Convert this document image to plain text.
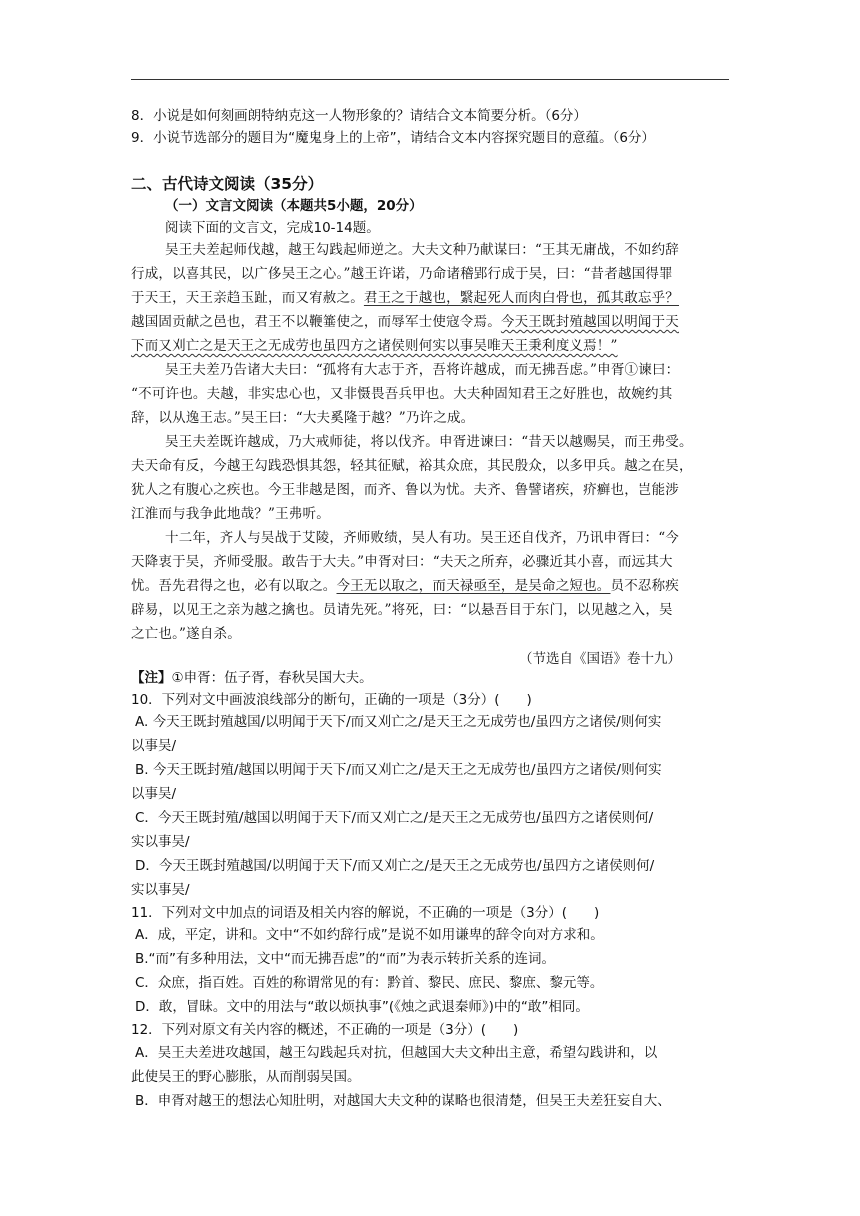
8．小说是如何刻画朗特纳克这一人物形象的？请结合文本简要分析。（6分）
9．小说节选部分的题目为“魔鬼身上的上帝”，请结合文本内容探究题目的意蕴。（6分）
二、古代诗文阅读（35分）
（一）文言文阅读（本题共5小题，20分）
阅读下面的文言文，完成10-14题。
吴王夫差起师伐越，越王勾践起师逆之。大夫文种乃献谋曰：“王其无庸战，不如约辞
行成，以喜其民，以广侈吴王之心。”越王许诺，乃命诸稽郢行成于吴，曰：“昔者越国得罪
于天王，天王亲趋玉趾，而又宥赦之。君王之于越也，繄起死人而肉白骨也，孤其敢忘乎？
越国固贡献之邑也，君王不以鞭箠使之，而辱军士使寇令焉。今天王既封殖越国以明闻于天
下而又刈亡之是天王之无成劳也虽四方之诸侯则何实以事吴唯天王秉利度义焉！”
吴王夫差乃告诸大夫曰：“孤将有大志于齐，吾将许越成，而无拂吾虑。”申胥①谏曰：
“不可许也。夫越，非实忠心也，又非慑畏吾兵甲也。大夫种固知君王之好胜也，故婉约其
辞，以从逸王志。”吴王曰：“大夫奚隆于越？”乃许之成。
吴王夫差既许越成，乃大戒师徒，将以伐齐。申胥进谏曰：“昔天以越赐吴，而王弗受。
夫天命有反，今越王勾践恐惧其怨，轻其征赋，裕其众庶，其民殷众，以多甲兵。越之在吴，
犹人之有腹心之疾也。今王非越是图，而齐、鲁以为忧。夫齐、鲁譬诸疾，疥癣也，岂能涉
江淮而与我争此地哉？”王弗听。
十二年，齐人与吴战于艾陵，齐师败绩，吴人有功。吴王还自伐齐，乃讯申胥曰：“今
天降衷于吴，齐师受服。敢告于大夫。”申胥对曰：“夫天之所弃，必骤近其小喜，而远其大
忧。吾先君得之也，必有以取之。今王无以取之，而天禄亟至，是吴命之短也。员不忍称疾
辟易，以见王之亲为越之擒也。员请先死。”将死，曰：“以悬吾目于东门，以见越之入，吴
之亡也。”遂自杀。
（节选自《国语》卷十九）
【注】①申胥：伍子胥，春秋吴国大夫。
10．下列对文中画波浪线部分的断句，正确的一项是（3分）(　　)
A. 今天王既封殖越国/以明闻于天下/而又刈亡之/是天王之无成劳也/虽四方之诸侯/则何实
以事吴/
B. 今天王既封殖/越国以明闻于天下/而又刈亡之/是天王之无成劳也/虽四方之诸侯/则何实
以事吴/
C．今天王既封殖/越国以明闻于天下/而又刈亡之/是天王之无成劳也/虽四方之诸侯则何/
实以事吴/
D．今天王既封殖越国/以明闻于天下/而又刈亡之/是天王之无成劳也/虽四方之诸侯则何/
实以事吴/
11．下列对文中加点的词语及相关内容的解说，不正确的一项是（3分）(　　)
A．成，平定，讲和。文中“不如约辞行成”是说不如用谦卑的辞令向对方求和。
B.“而”有多种用法，文中“而无拂吾虑”的“而”为表示转折关系的连词。
C．众庶，指百姓。百姓的称谓常见的有：黔首、黎民、庶民、黎庶、黎元等。
D．敢，冒昧。文中的用法与“敢以烦执事”(《烛之武退秦师》)中的“敢”相同。
12．下列对原文有关内容的概述，不正确的一项是（3分）(　　)
A．吴王夫差进攻越国，越王勾践起兵对抗，但越国大夫文种出主意，希望勾践讲和，以
此使吴王的野心膨胀，从而削弱吴国。
B．申胥对越王的想法心知肚明，对越国大夫文种的谋略也很清楚，但吴王夫差狂妄自大、
